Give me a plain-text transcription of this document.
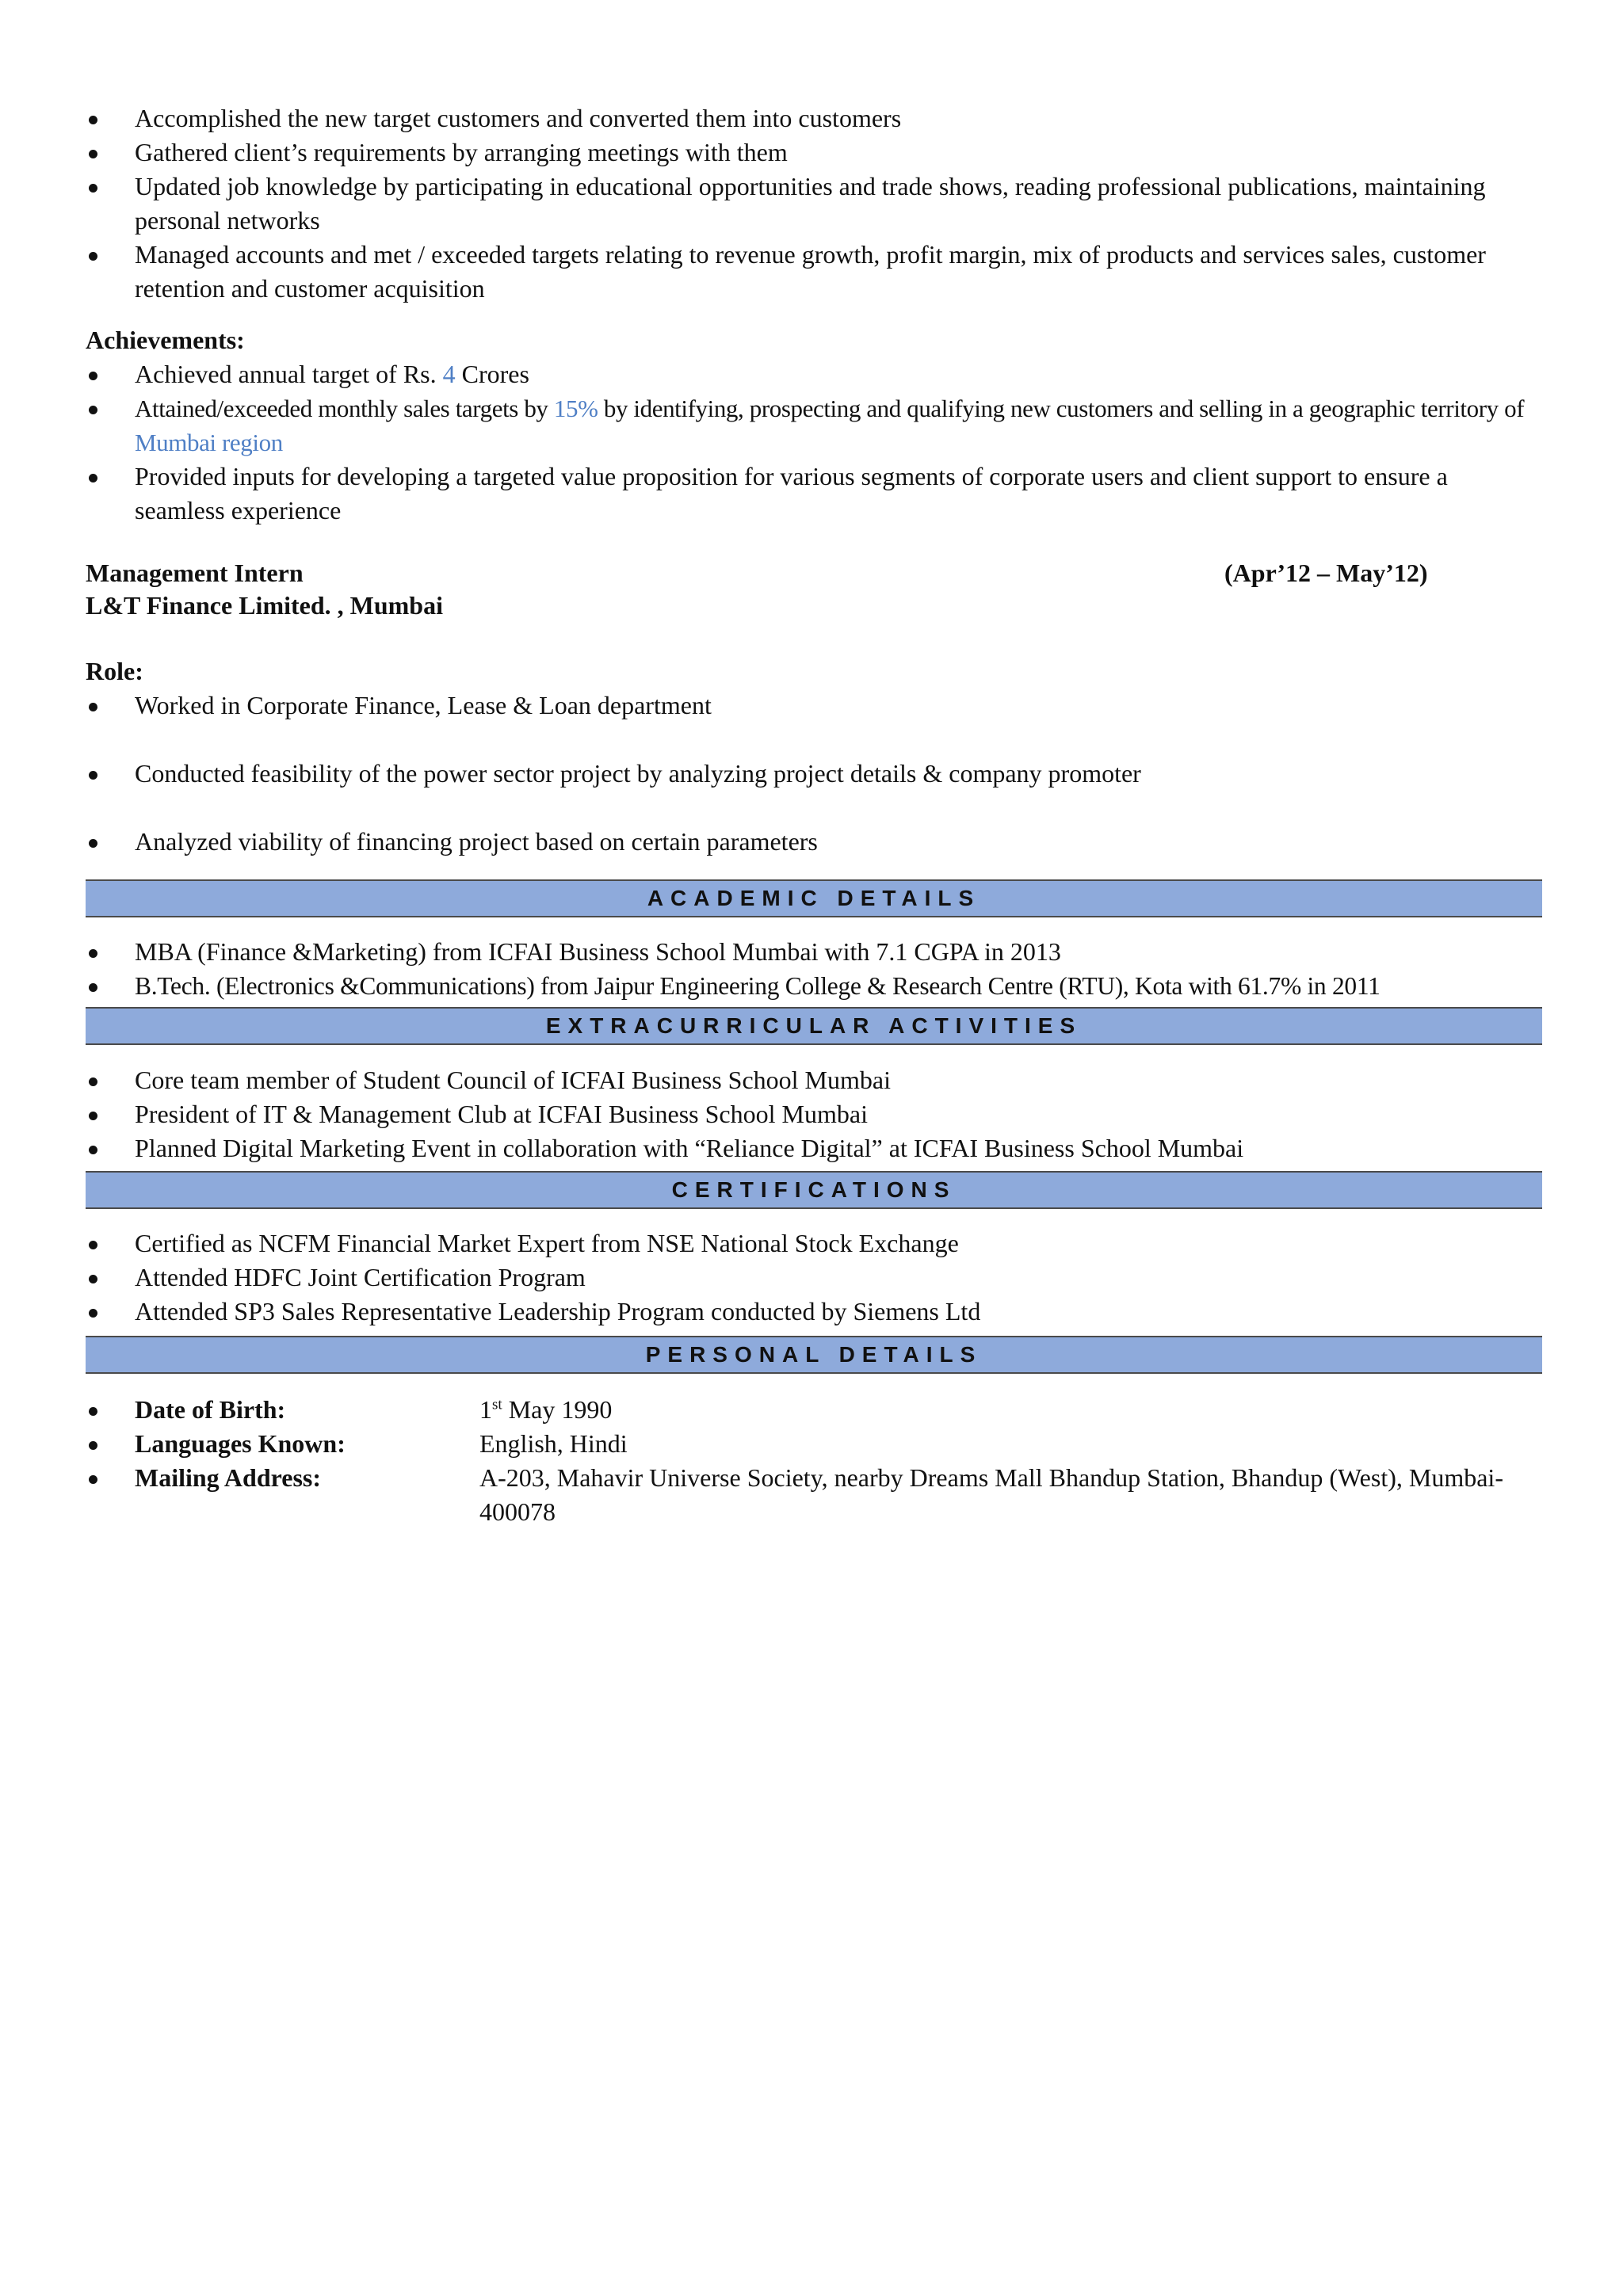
Accomplished the new target customers and converted them into customers
Gathered client’s requirements by arranging meetings with them
Updated job knowledge by participating in educational opportunities and trade shows, reading professional publications, maintaining personal networks
Managed accounts and met / exceeded targets relating to revenue growth, profit margin, mix of products and services sales, customer retention and customer acquisition
Achievements:
Achieved annual target of Rs. 4 Crores
Attained/exceeded monthly sales targets by 15% by identifying, prospecting and qualifying new customers and selling in a geographic territory of Mumbai region
Provided inputs for developing a targeted value proposition for various segments of corporate users and client support to ensure a seamless experience
Management Intern	(Apr’12 – May’12)
L&T Finance Limited. , Mumbai
Role:
Worked in Corporate Finance, Lease & Loan department
Conducted feasibility of the power sector project by analyzing project details & company promoter
Analyzed viability of financing project based on certain parameters
ACADEMIC DETAILS
MBA (Finance &Marketing) from ICFAI Business School Mumbai with 7.1 CGPA in 2013
B.Tech. (Electronics &Communications) from Jaipur Engineering College & Research Centre (RTU), Kota with 61.7% in 2011
EXTRACURRICULAR ACTIVITIES
Core team member of Student Council of ICFAI Business School Mumbai
President of IT & Management Club at ICFAI Business School Mumbai
Planned Digital Marketing Event in collaboration with “Reliance Digital” at ICFAI Business School Mumbai
CERTIFICATIONS
Certified as NCFM Financial Market Expert from NSE National Stock Exchange
Attended HDFC Joint Certification Program
Attended SP3 Sales Representative Leadership Program conducted by Siemens Ltd
PERSONAL DETAILS
Date of Birth:	1st May 1990
Languages Known:	English, Hindi
Mailing Address:	A-203, Mahavir Universe Society, nearby Dreams Mall Bhandup Station, Bhandup (West), Mumbai- 400078
